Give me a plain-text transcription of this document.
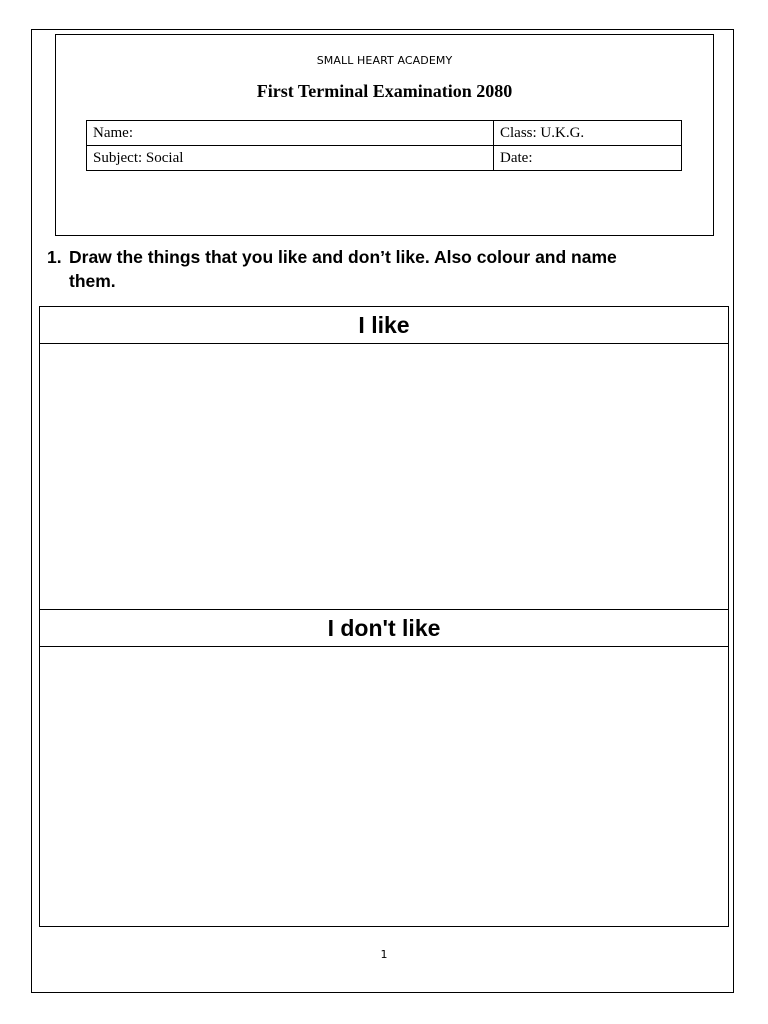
SMALL HEART ACADEMY
First Terminal Examination 2080
Name:	Class: U.K.G.
Subject: Social	Date:
1. Draw the things that you like and don’t like. Also colour and name
them.
I like
I don't like
1
